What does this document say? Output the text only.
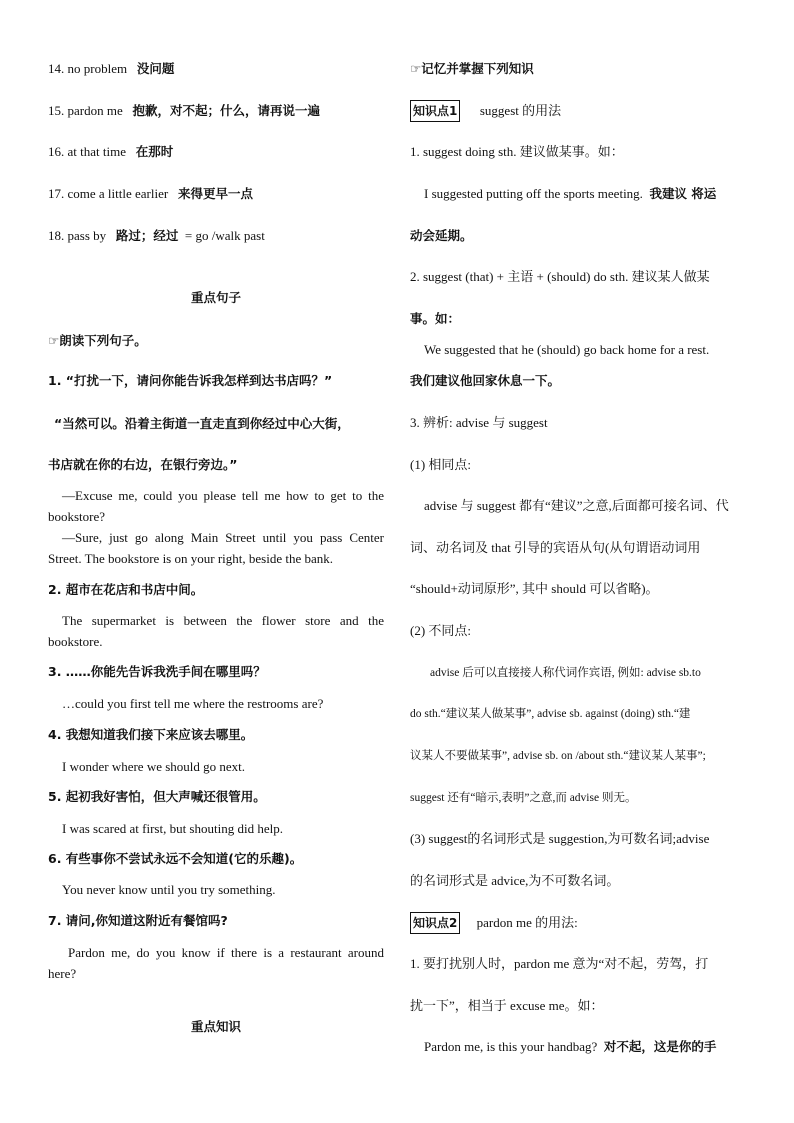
14. no problem 没问题
15. pardon me 抱歉，对不起；什么，请再说一遍
16. at that time 在那时
17. come a little earlier 来得更早一点
18. pass by 路过；经过 = go /walk past
重点句子
☞朗读下列句子。
1. “打扰一下，请问你能告诉我怎样到达书店吗？”
“当然可以。沿着主街道一直走直到你经过中心大街，
书店就在你的右边，在银行旁边。”
—Excuse me, could you please tell me how to get to the bookstore?
—Sure, just go along Main Street until you pass Center Street. The bookstore is on your right, beside the bank.
2. 超市在花店和书店中间。
The supermarket is between the flower store and the bookstore.
3. ……你能先告诉我洗手间在哪里吗？
…could you first tell me where the restrooms are?
4. 我想知道我们接下来应该去哪里。
I wonder where we should go next.
5. 起初我好害怕，但大声喊还很管用。
I was scared at first, but shouting did help.
6. 有些事你不尝试永远不会知道(它的乐趣)。
You never know until you try something.
7. 请问,你知道这附近有餐馆吗?
Pardon me, do you know if there is a restaurant around here?
重点知识
☞记忆并掌握下列知识
知识点1 suggest 的用法
1. suggest doing sth. 建议做某事。如：
I suggested putting off the sports meeting. 我建议 将运
动会延期。
2. suggest (that) + 主语 + (should) do sth. 建议某人做某
事。如：
We suggested that he (should) go back home for a rest.
我们建议他回家休息一下。
3. 辨析: advise 与 suggest
(1) 相同点:
advise 与 suggest 都有“建议”之意,后面都可接名词、代
词、动名词及 that 引导的宾语从句(从句谓语动词用
“should+动词原形”, 其中 should 可以省略)。
(2) 不同点:
advise 后可以直接接人称代词作宾语, 例如: advise sb.to
do sth.“建议某人做某事”, advise sb. against (doing) sth.“建
议某人不要做某事”, advise sb. on /about sth.“建议某人某事”;
suggest 还有“暗示,表明”之意,而 advise 则无。
(3) suggest的名词形式是 suggestion,为可数名词;advise
的名词形式是 advice,为不可数名词。
知识点2 pardon me 的用法:
1. 要打扰别人时，pardon me 意为“对不起，劳驾，打
扰一下”，相当于 excuse me。如：
Pardon me, is this your handbag? 对不起，这是你的手
